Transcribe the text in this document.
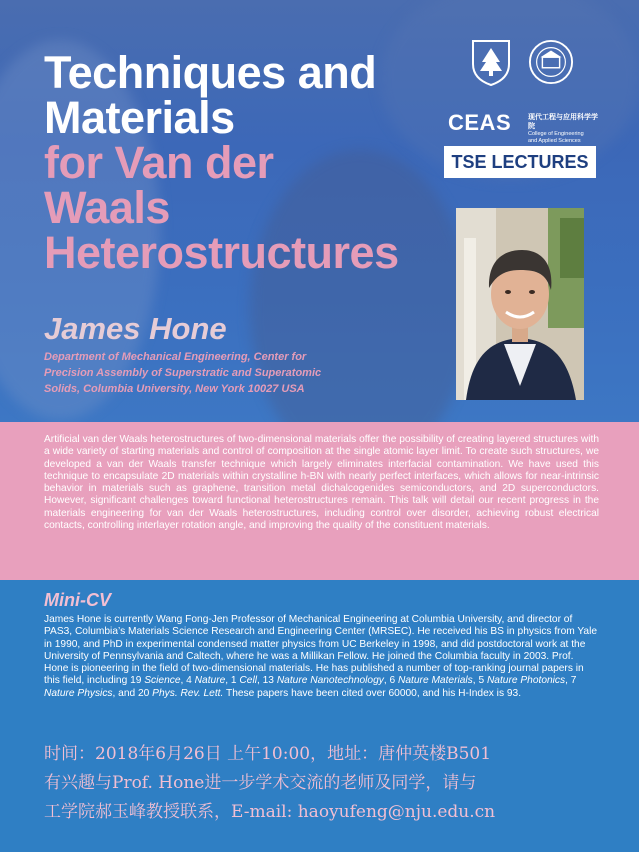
Techniques and
Materials
for Van der
Waals
Heterostructures
James Hone

Department of Mechanical Engineering, Center for
Precision Assembly of Superstratic and Superatomic
Solids, Columbia University, New York 10027 USA

CEAS 现代工程与应用科学学院
College of Engineering
and Applied Sciences
TSE LECTURES

Artificial van der Waals heterostructures of two-dimensional materials offer the possibility of creating layered structures with a wide variety of starting materials and control of composition at the single atomic layer limit. To create such structures, we developed a van der Waals transfer technique which largely eliminates interfacial contamination. We have used this technique to encapsulate 2D materials within crystalline h-BN with nearly perfect interfaces, which allows for near-intrinsic behavior in materials such as graphene, transition metal dichalcogenides semiconductors, and 2D superconductors. However, significant challenges toward functional heterostructures remain. This talk will detail our recent progress in the materials engineering for van der Waals heterostructures, including control over disorder, achieving robust electrical contacts, controlling interlayer rotation angle, and improving the quality of the constituent materials.

Mini-CV

James Hone is currently Wang Fong-Jen Professor of Mechanical Engineering at Columbia University, and director of PAS3, Columbia’s Materials Science Research and Engineering Center (MRSEC). He received his BS in physics from Yale in 1990, and PhD in experimental condensed matter physics from UC Berkeley in 1998, and did postdoctoral work at the University of Pennsylvania and Caltech, where he was a Millikan Fellow. He joined the Columbia faculty in 2003. Prof. Hone is pioneering in the field of two-dimensional materials. He has published a number of top-ranking journal papers in this field, including 19 Science, 4 Nature, 1 Cell, 13 Nature Nanotechnology, 6 Nature Materials, 5 Nature Photonics, 7 Nature Physics, and 20 Phys. Rev. Lett. These papers have been cited over 60000, and his H-Index is 93.

时间：2018年6月26日 上午10:00，地址：唐仲英楼B501
有兴趣与Prof. Hone进一步学术交流的老师及同学，请与
工学院郝玉峰教授联系，E-mail: haoyufeng@nju.edu.cn
